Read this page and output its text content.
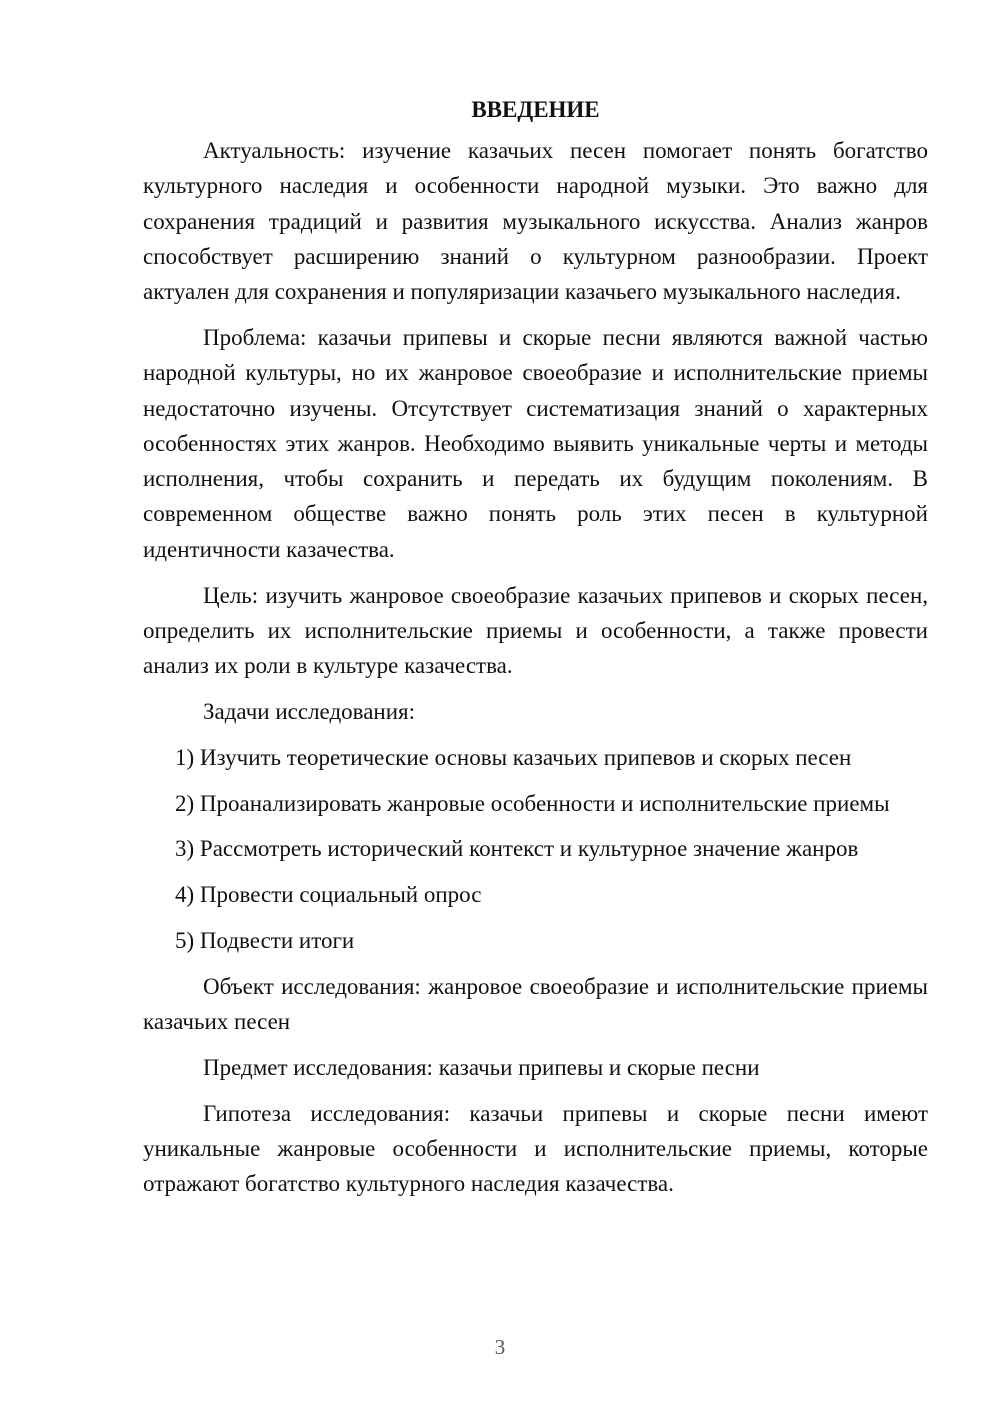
ВВЕДЕНИЕ

Актуальность: изучение казачьих песен помогает понять богатство культурного наследия и особенности народной музыки. Это важно для сохранения традиций и развития музыкального искусства. Анализ жанров способствует расширению знаний о культурном разнообразии. Проект актуален для сохранения и популяризации казачьего музыкального наследия.

Проблема: казачьи припевы и скорые песни являются важной частью народной культуры, но их жанровое своеобразие и исполнительские приемы недостаточно изучены. Отсутствует систематизация знаний о характерных особенностях этих жанров. Необходимо выявить уникальные черты и методы исполнения, чтобы сохранить и передать их будущим поколениям. В современном обществе важно понять роль этих песен в культурной идентичности казачества.

Цель: изучить жанровое своеобразие казачьих припевов и скорых песен, определить их исполнительские приемы и особенности, а также провести анализ их роли в культуре казачества.

Задачи исследования:

1) Изучить теоретические основы казачьих припевов и скорых песен

2) Проанализировать жанровые особенности и исполнительские приемы

3) Рассмотреть исторический контекст и культурное значение жанров

4) Провести социальный опрос

5) Подвести итоги

Объект исследования: жанровое своеобразие и исполнительские приемы казачьих песен

Предмет исследования: казачьи припевы и скорые песни

Гипотеза исследования: казачьи припевы и скорые песни имеют уникальные жанровые особенности и исполнительские приемы, которые отражают богатство культурного наследия казачества.

3
